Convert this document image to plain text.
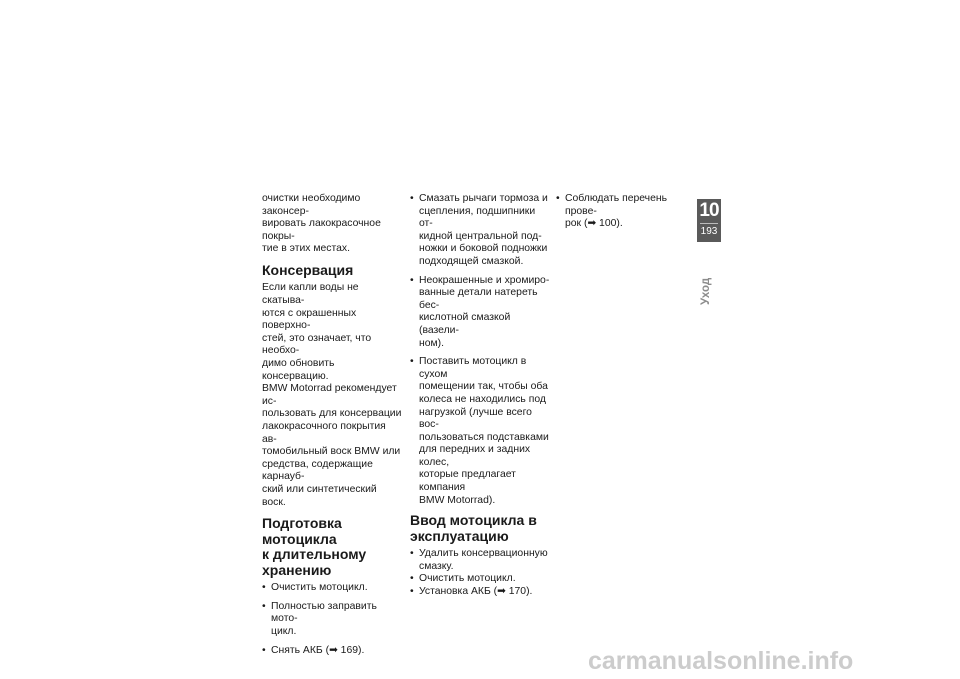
очистки необходимо законсер-
вировать лакокрасочное покры-
тие в этих местах.

Консервация

Если капли воды не скатыва-
ются с окрашенных поверхно-
стей, это означает, что необхо-
димо обновить консервацию.
BMW Motorrad рекомендует ис-
пользовать для консервации
лакокрасочного покрытия ав-
томобильный воск BMW или
средства, содержащие карнауб-
ский или синтетический воск.

Подготовка мотоцикла
к длительному
хранению
• Очистить мотоцикл.
• Полностью заправить мото-
цикл.
• Снять АКБ (➡ 169).
• Смазать рычаги тормоза и
сцепления, подшипники от-
кидной центральной под-
ножки и боковой подножки
подходящей смазкой.
• Неокрашенные и хромиро-
ванные детали натереть бес-
кислотной смазкой (вазели-
ном).
• Поставить мотоцикл в сухом
помещении так, чтобы оба
колеса не находились под
нагрузкой (лучше всего вос-
пользоваться подставками
для передних и задних колес,
которые предлагает компания
BMW Motorrad).
Ввод мотоцикла в
эксплуатацию
• Удалить консервационную
смазку.
• Очистить мотоцикл.
• Установка АКБ (➡ 170).
• Соблюдать перечень прове-
рок (➡ 100).
10
193
Уход
carmanualsonline.info
